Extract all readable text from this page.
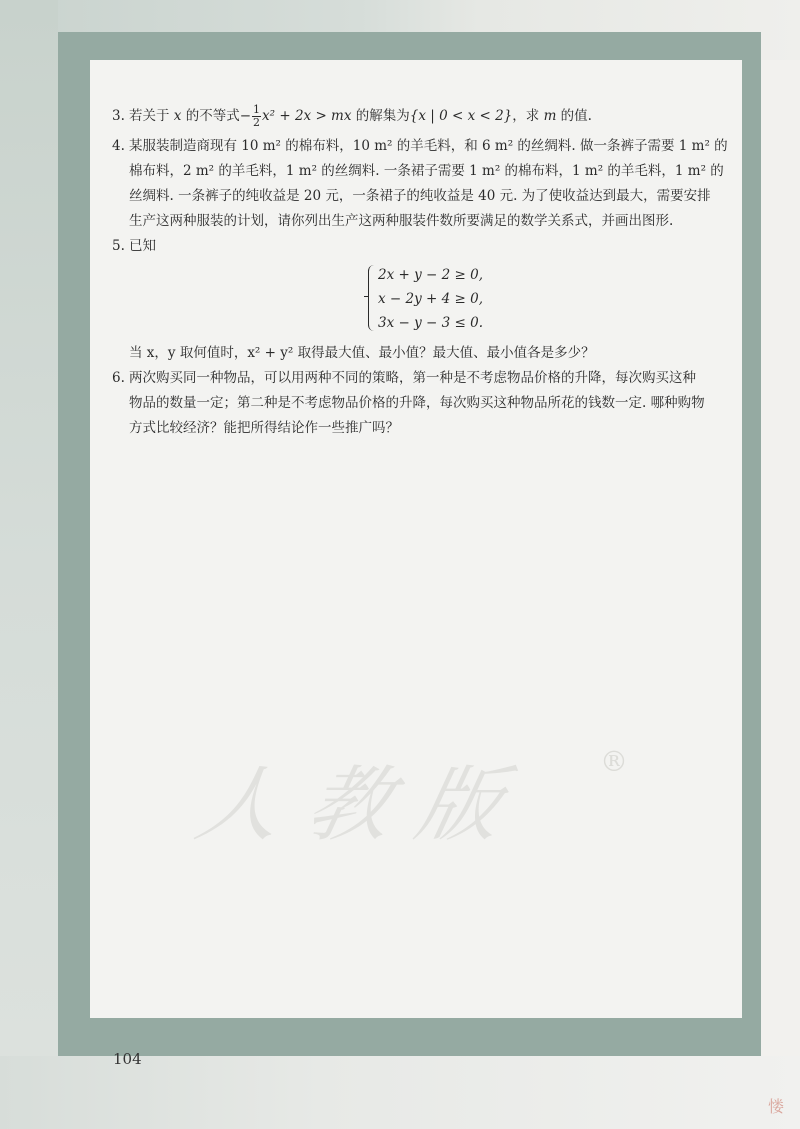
人教版 ®

3. 若关于 x 的不等式− $\frac{1}{2} x^2 + 2x$ > mx 的解集为{x | 0 < x < 2}，求 m 的值.

4. 某服装制造商现有 10 m² 的棉布料，10 m² 的羊毛料，和 6 m² 的丝绸料. 做一条裤子需要 1 m² 的
棉布料，2 m² 的羊毛料，1 m² 的丝绸料. 一条裙子需要 1 m² 的棉布料，1 m² 的羊毛料，1 m² 的
丝绸料. 一条裤子的纯收益是 20 元，一条裙子的纯收益是 40 元. 为了使收益达到最大，需要安排
生产这两种服装的计划，请你列出生产这两种服装件数所要满足的数学关系式，并画出图形.
5. 已知
2x + y − 2 ≥ 0,
x − 2y + 4 ≥ 0,
3x − y − 3 ≤ 0.
当 x，y 取何值时，x² + y² 取得最大值、最小值？最大值、最小值各是多少？
6. 两次购买同一种物品，可以用两种不同的策略，第一种是不考虑物品价格的升降，每次购买这种
物品的数量一定；第二种是不考虑物品价格的升降，每次购买这种物品所花的钱数一定. 哪种购物
方式比较经济？能把所得结论作一些推广吗？
104
㥪
